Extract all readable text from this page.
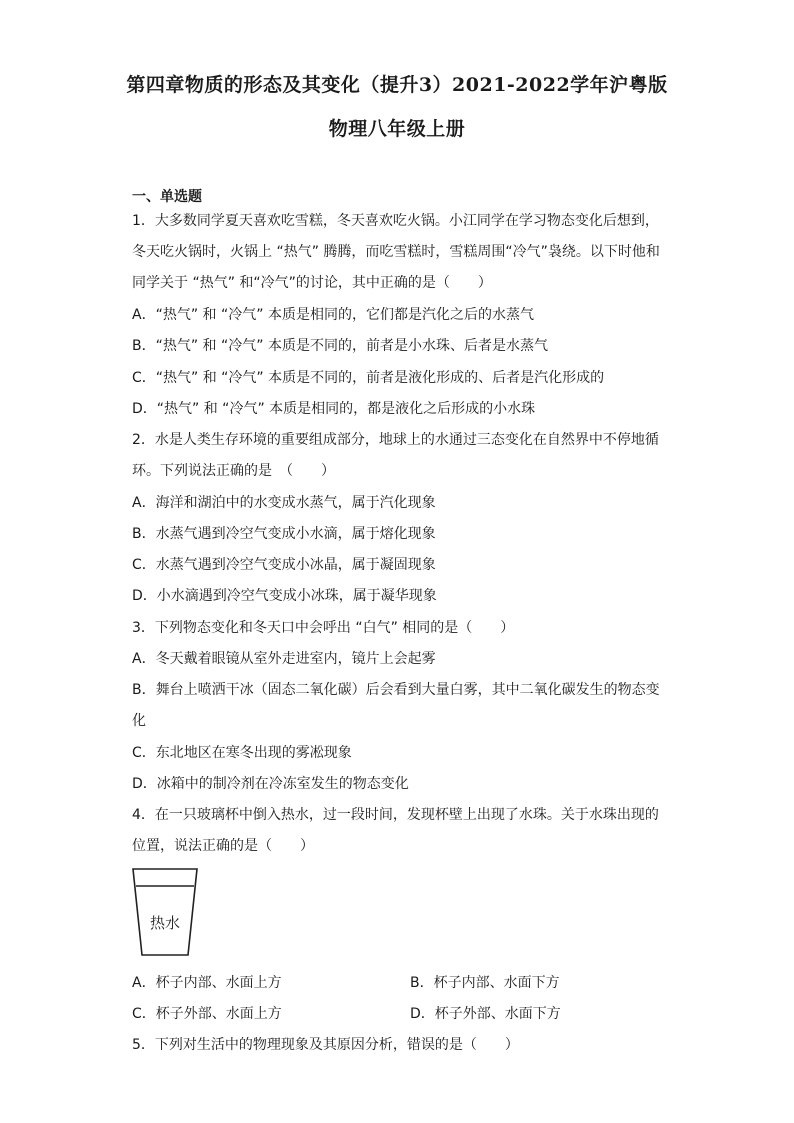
第四章物质的形态及其变化（提升3）2021-2022学年沪粤版
物理八年级上册
一、单选题
1．大多数同学夏天喜欢吃雪糕，冬天喜欢吃火锅。小江同学在学习物态变化后想到，
冬天吃火锅时，火锅上 “热气” 腾腾，而吃雪糕时，雪糕周围“冷气”袅绕。以下时他和
同学关于 “热气” 和“冷气”的讨论，其中正确的是（　　）
A．“热气” 和 “冷气” 本质是相同的，它们都是汽化之后的水蒸气
B．“热气” 和 “冷气” 本质是不同的，前者是小水珠、后者是水蒸气
C．“热气” 和 “冷气” 本质是不同的，前者是液化形成的、后者是汽化形成的
D．“热气” 和 “冷气” 本质是相同的，都是液化之后形成的小水珠
2．水是人类生存环境的重要组成部分，地球上的水通过三态变化在自然界中不停地循
环。下列说法正确的是　（　　）
A．海洋和湖泊中的水变成水蒸气，属于汽化现象
B．水蒸气遇到冷空气变成小水滴，属于熔化现象
C．水蒸气遇到冷空气变成小冰晶，属于凝固现象
D．小水滴遇到冷空气变成小冰珠，属于凝华现象
3．下列物态变化和冬天口中会呼出 “白气” 相同的是（　　）
A．冬天戴着眼镜从室外走进室内，镜片上会起雾
B．舞台上喷洒干冰（固态二氧化碳）后会看到大量白雾，其中二氧化碳发生的物态变
化
C．东北地区在寒冬出现的雾凇现象
D．冰箱中的制冷剂在冷冻室发生的物态变化
4．在一只玻璃杯中倒入热水，过一段时间，发现杯壁上出现了水珠。关于水珠出现的
位置，说法正确的是（　　）
热水
A．杯子内部、水面上方	B．杯子内部、水面下方
C．杯子外部、水面上方	D．杯子外部、水面下方
5．下列对生活中的物理现象及其原因分析，错误的是（　　）
